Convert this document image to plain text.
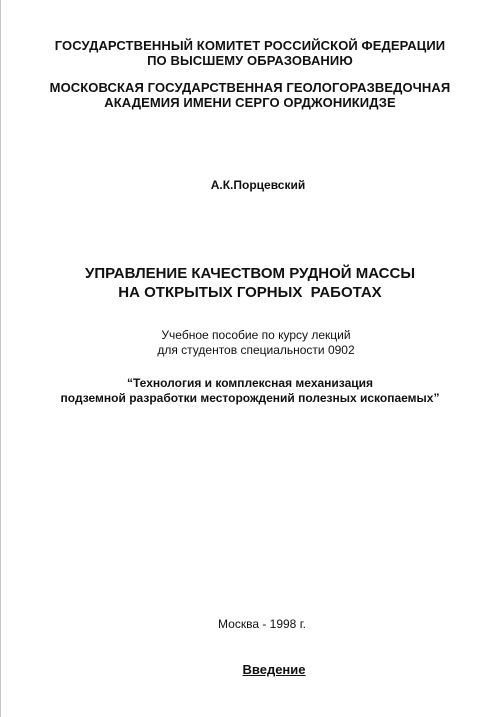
ГОСУДАРСТВЕННЫЙ КОМИТЕТ РОССИЙСКОЙ ФЕДЕРАЦИИ
ПО ВЫСШЕМУ ОБРАЗОВАНИЮ
МОСКОВСКАЯ ГОСУДАРСТВЕННАЯ ГЕОЛОГОРАЗВЕДОЧНАЯ
АКАДЕМИЯ ИМЕНИ СЕРГО ОРДЖОНИКИДЗЕ
А.К.Порцевский
УПРАВЛЕНИЕ КАЧЕСТВОМ РУДНОЙ МАССЫ
НА ОТКРЫТЫХ ГОРНЫХ  РАБОТАХ
Учебное пособие по курсу лекций
для студентов специальности 0902
“Технология и комплексная механизация
подземной разработки месторождений полезных ископаемых”
Москва - 1998 г.
Введение
